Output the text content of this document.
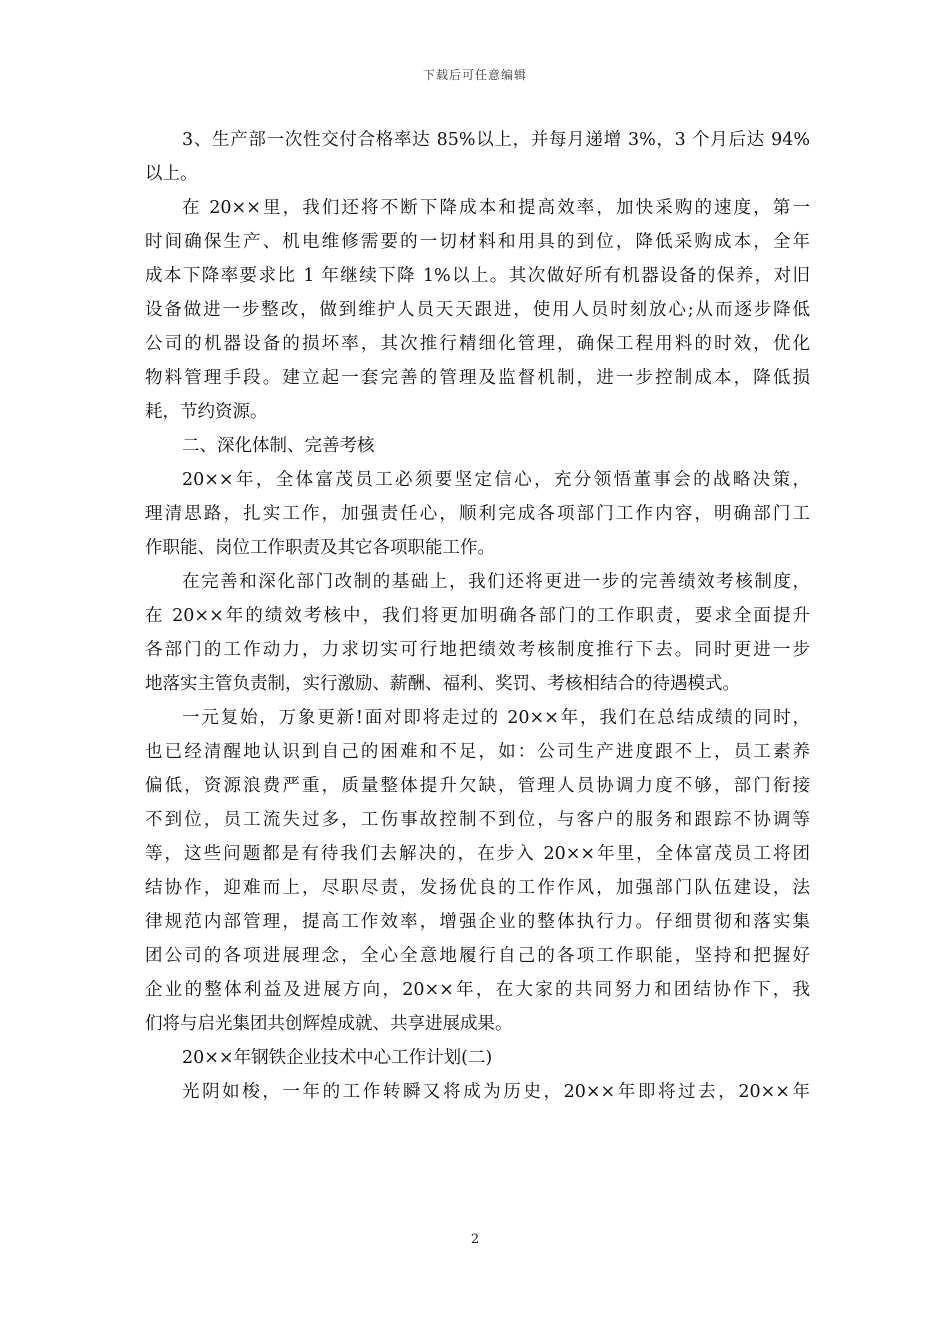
下载后可任意编辑
3、生产部一次性交付合格率达 85%以上，并每月递增 3%，3 个月后达 94%
以上。
在 20××里，我们还将不断下降成本和提高效率，加快采购的速度，第一
时间确保生产、机电维修需要的一切材料和用具的到位，降低采购成本，全年
成本下降率要求比 1 年继续下降 1%以上。其次做好所有机器设备的保养，对旧
设备做进一步整改，做到维护人员天天跟进，使用人员时刻放心;从而逐步降低
公司的机器设备的损坏率，其次推行精细化管理，确保工程用料的时效，优化
物料管理手段。建立起一套完善的管理及监督机制，进一步控制成本，降低损
耗，节约资源。
二、深化体制、完善考核
20××年，全体富茂员工必须要坚定信心，充分领悟董事会的战略决策，
理清思路，扎实工作，加强责任心，顺利完成各项部门工作内容，明确部门工
作职能、岗位工作职责及其它各项职能工作。
在完善和深化部门改制的基础上，我们还将更进一步的完善绩效考核制度，
在 20××年的绩效考核中，我们将更加明确各部门的工作职责，要求全面提升
各部门的工作动力，力求切实可行地把绩效考核制度推行下去。同时更进一步
地落实主管负责制，实行激励、薪酬、福利、奖罚、考核相结合的待遇模式。
一元复始，万象更新!面对即将走过的 20××年，我们在总结成绩的同时，
也已经清醒地认识到自己的困难和不足，如：公司生产进度跟不上，员工素养
偏低，资源浪费严重，质量整体提升欠缺，管理人员协调力度不够，部门衔接
不到位，员工流失过多，工伤事故控制不到位，与客户的服务和跟踪不协调等
等，这些问题都是有待我们去解决的，在步入 20××年里，全体富茂员工将团
结协作，迎难而上，尽职尽责，发扬优良的工作作风，加强部门队伍建设，法
律规范内部管理，提高工作效率，增强企业的整体执行力。仔细贯彻和落实集
团公司的各项进展理念，全心全意地履行自己的各项工作职能，坚持和把握好
企业的整体利益及进展方向，20××年，在大家的共同努力和团结协作下，我
们将与启光集团共创辉煌成就、共享进展成果。
20××年钢铁企业技术中心工作计划(二)
光阴如梭，一年的工作转瞬又将成为历史，20××年即将过去，20××年
2
